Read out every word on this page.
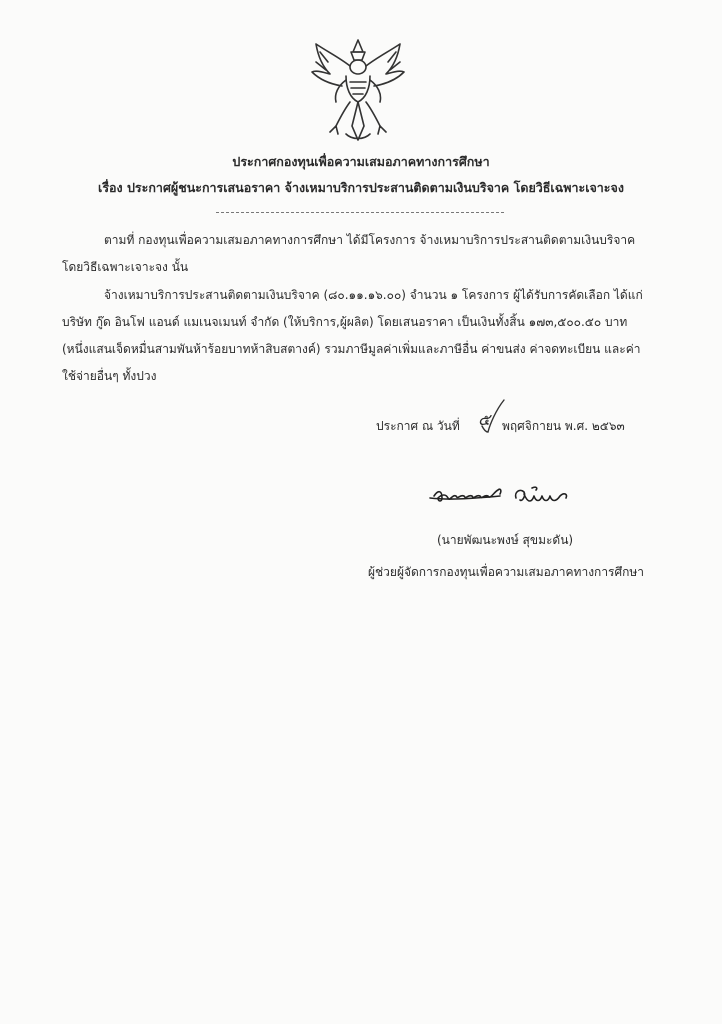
ประกาศกองทุนเพื่อความเสมอภาคทางการศึกษา
เรื่อง ประกาศผู้ชนะการเสนอราคา จ้างเหมาบริการประสานติดตามเงินบริจาค โดยวิธีเฉพาะเจาะจง
ตามที่ กองทุนเพื่อความเสมอภาคทางการศึกษา ได้มีโครงการ จ้างเหมาบริการประสานติดตามเงินบริจาค
โดยวิธีเฉพาะเจาะจง นั้น
จ้างเหมาบริการประสานติดตามเงินบริจาค (๘๐.๑๑.๑๖.๐๐) จำนวน ๑ โครงการ ผู้ได้รับการคัดเลือก ได้แก่
บริษัท กู๊ด อินโฟ แอนด์ แมเนจเมนท์ จำกัด (ให้บริการ,ผู้ผลิต) โดยเสนอราคา เป็นเงินทั้งสิ้น ๑๗๓,๕๐๐.๕๐ บาท
(หนึ่งแสนเจ็ดหมื่นสามพันห้าร้อยบาทห้าสิบสตางค์) รวมภาษีมูลค่าเพิ่มและภาษีอื่น ค่าขนส่ง ค่าจดทะเบียน และค่า
ใช้จ่ายอื่นๆ ทั้งปวง
ประกาศ ณ วันที่ ๕ พฤศจิกายน พ.ศ. ๒๕๖๓
(นายพัฒนะพงษ์ สุขมะดัน)
ผู้ช่วยผู้จัดการกองทุนเพื่อความเสมอภาคทางการศึกษา
